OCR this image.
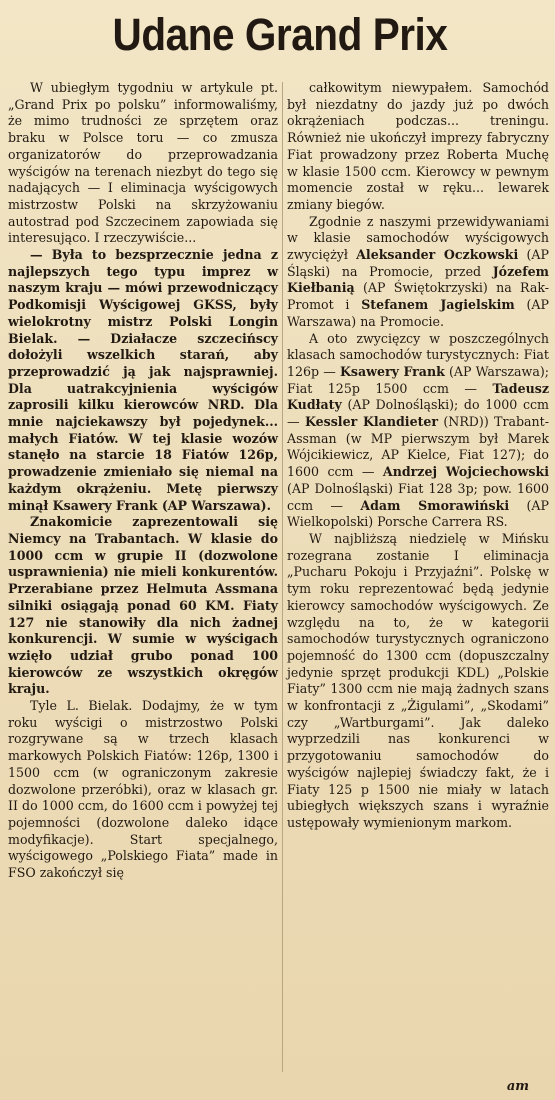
Udane Grand Prix

W ubiegłym tygodniu w artykule pt. „Grand Prix po polsku” informowaliśmy, że mimo trudności ze sprzętem oraz braku w Polsce toru — co zmusza organizatorów do przeprowadzania wyścigów na terenach niezbyt do tego się nadających — I eliminacja wyścigowych mistrzostw Polski na skrzyżowaniu autostrad pod Szczecinem zapowiada się interesująco. I rzeczywiście...

— Była to bezsprzecznie jedna z najlepszych tego typu imprez w naszym kraju — mówi przewodniczący Podkomisji Wyścigowej GKSS, były wielokrotny mistrz Polski Longin Bielak. — Działacze szczecińscy dołożyli wszelkich starań, aby przeprowadzić ją jak najsprawniej. Dla uatrakcyjnienia wyścigów zaprosili kilku kierowców NRD. Dla mnie najciekawszy był pojedynek... małych Fiatów. W tej klasie wozów stanęło na starcie 18 Fiatów 126p, prowadzenie zmieniało się niemal na każdym okrążeniu. Metę pierwszy minął Ksawery Frank (AP Warszawa).

Znakomicie zaprezentowali się Niemcy na Trabantach. W klasie do 1000 ccm w grupie II (dozwolone usprawnienia) nie mieli konkurentów. Przerabiane przez Helmuta Assmana silniki osiągają ponad 60 KM. Fiaty 127 nie stanowiły dla nich żadnej konkurencji. W sumie w wyścigach wzięło udział grubo ponad 100 kierowców ze wszystkich okręgów kraju.

Tyle L. Bielak. Dodajmy, że w tym roku wyścigi o mistrzostwo Polski rozgrywane są w trzech klasach markowych Polskich Fiatów: 126p, 1300 i 1500 ccm (w ograniczonym zakresie dozwolone przeróbki), oraz w klasach gr. II do 1000 ccm, do 1600 ccm i powyżej tej pojemności (dozwolone daleko idące modyfikacje). Start specjalnego, wyścigowego „Polskiego Fiata” made in FSO zakończył się

całkowitym niewypałem. Samochód był niezdatny do jazdy już po dwóch okrążeniach podczas... treningu. Również nie ukończył imprezy fabryczny Fiat prowadzony przez Roberta Muchę w klasie 1500 ccm. Kierowcy w pewnym momencie został w ręku... lewarek zmiany biegów.

Zgodnie z naszymi przewidywaniami w klasie samochodów wyścigowych zwyciężył Aleksander Oczkowski (AP Śląski) na Promocie, przed Józefem Kiełbanią (AP Świętokrzyski) na Rak-Promot i Stefanem Jagielskim (AP Warszawa) na Promocie.

A oto zwycięzcy w poszczególnych klasach samochodów turystycznych: Fiat 126p — Ksawery Frank (AP Warszawa); Fiat 125p 1500 ccm — Tadeusz Kudłaty (AP Dolnośląski); do 1000 ccm — Kessler Klandieter (NRD)) Trabant-Assman (w MP pierwszym był Marek Wójcikiewicz, AP Kielce, Fiat 127); do 1600 ccm — Andrzej Wojciechowski (AP Dolnośląski) Fiat 128 3p; pow. 1600 ccm — Adam Smorawiński (AP Wielkopolski) Porsche Carrera RS.

W najbliższą niedzielę w Mińsku rozegrana zostanie I eliminacja „Pucharu Pokoju i Przyjaźni”. Polskę w tym roku reprezentować będą jedynie kierowcy samochodów wyścigowych. Ze względu na to, że w kategorii samochodów turystycznych ograniczono pojemność do 1300 ccm (dopuszczalny jedynie sprzęt produkcji KDL) „Polskie Fiaty” 1300 ccm nie mają żadnych szans w konfrontacji z „Żigulami”, „Skodami” czy „Wartburgami”. Jak daleko wyprzedzili nas konkurenci w przygotowaniu samochodów do wyścigów najlepiej świadczy fakt, że i Fiaty 125 p 1500 nie miały w latach ubiegłych większych szans i wyraźnie ustępowały wymienionym markom.

am
